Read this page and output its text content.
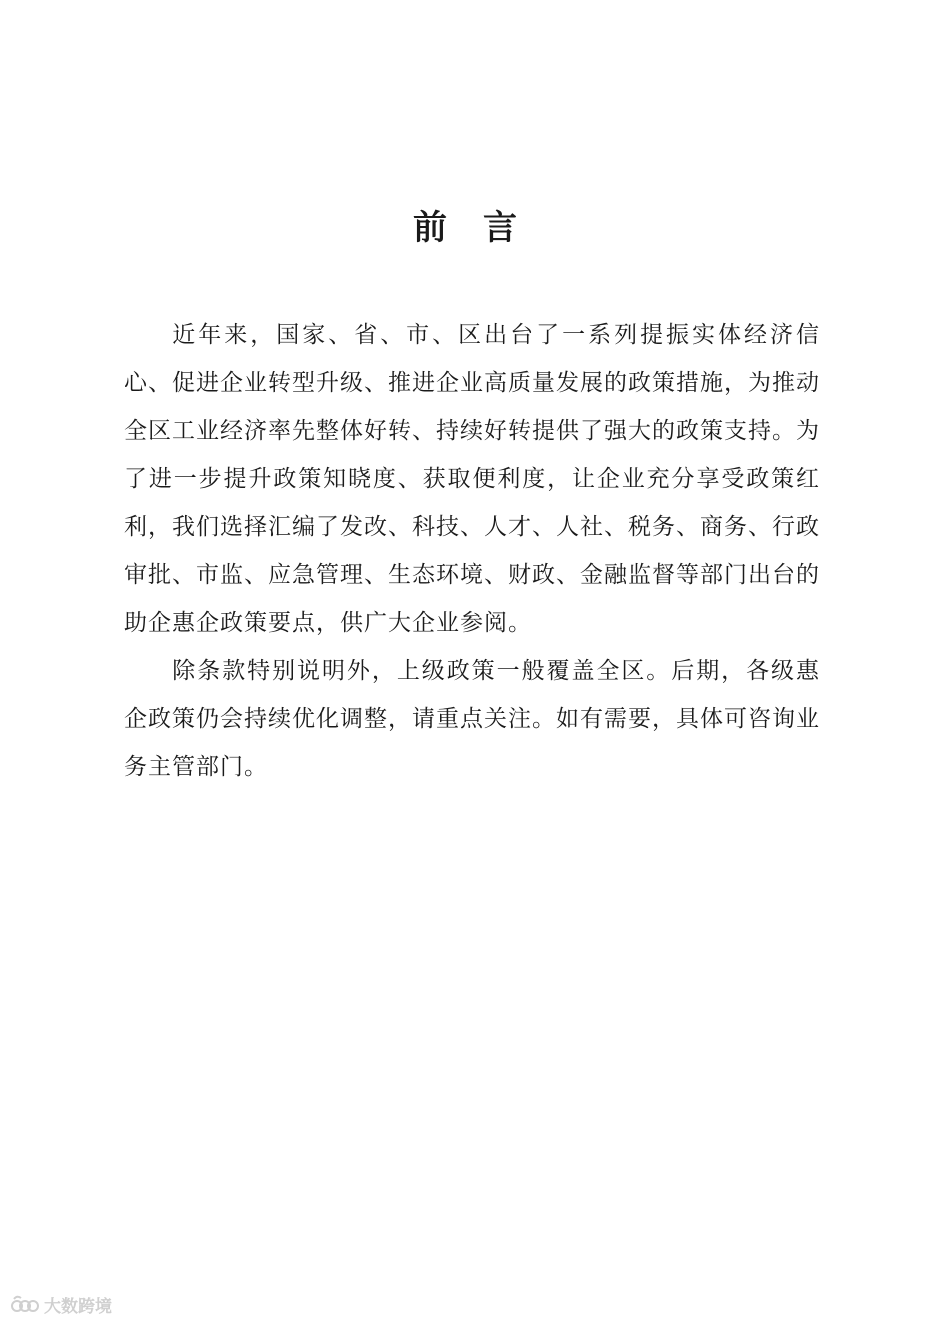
前 言

近年来，国家、省、市、区出台了一系列提振实体经济信心、促进企业转型升级、推进企业高质量发展的政策措施，为推动全区工业经济率先整体好转、持续好转提供了强大的政策支持。为了进一步提升政策知晓度、获取便利度，让企业充分享受政策红利，我们选择汇编了发改、科技、人才、人社、税务、商务、行政审批、市监、应急管理、生态环境、财政、金融监督等部门出台的助企惠企政策要点，供广大企业参阅。

除条款特别说明外，上级政策一般覆盖全区。后期，各级惠企政策仍会持续优化调整，请重点关注。如有需要，具体可咨询业务主管部门。

大数跨境
